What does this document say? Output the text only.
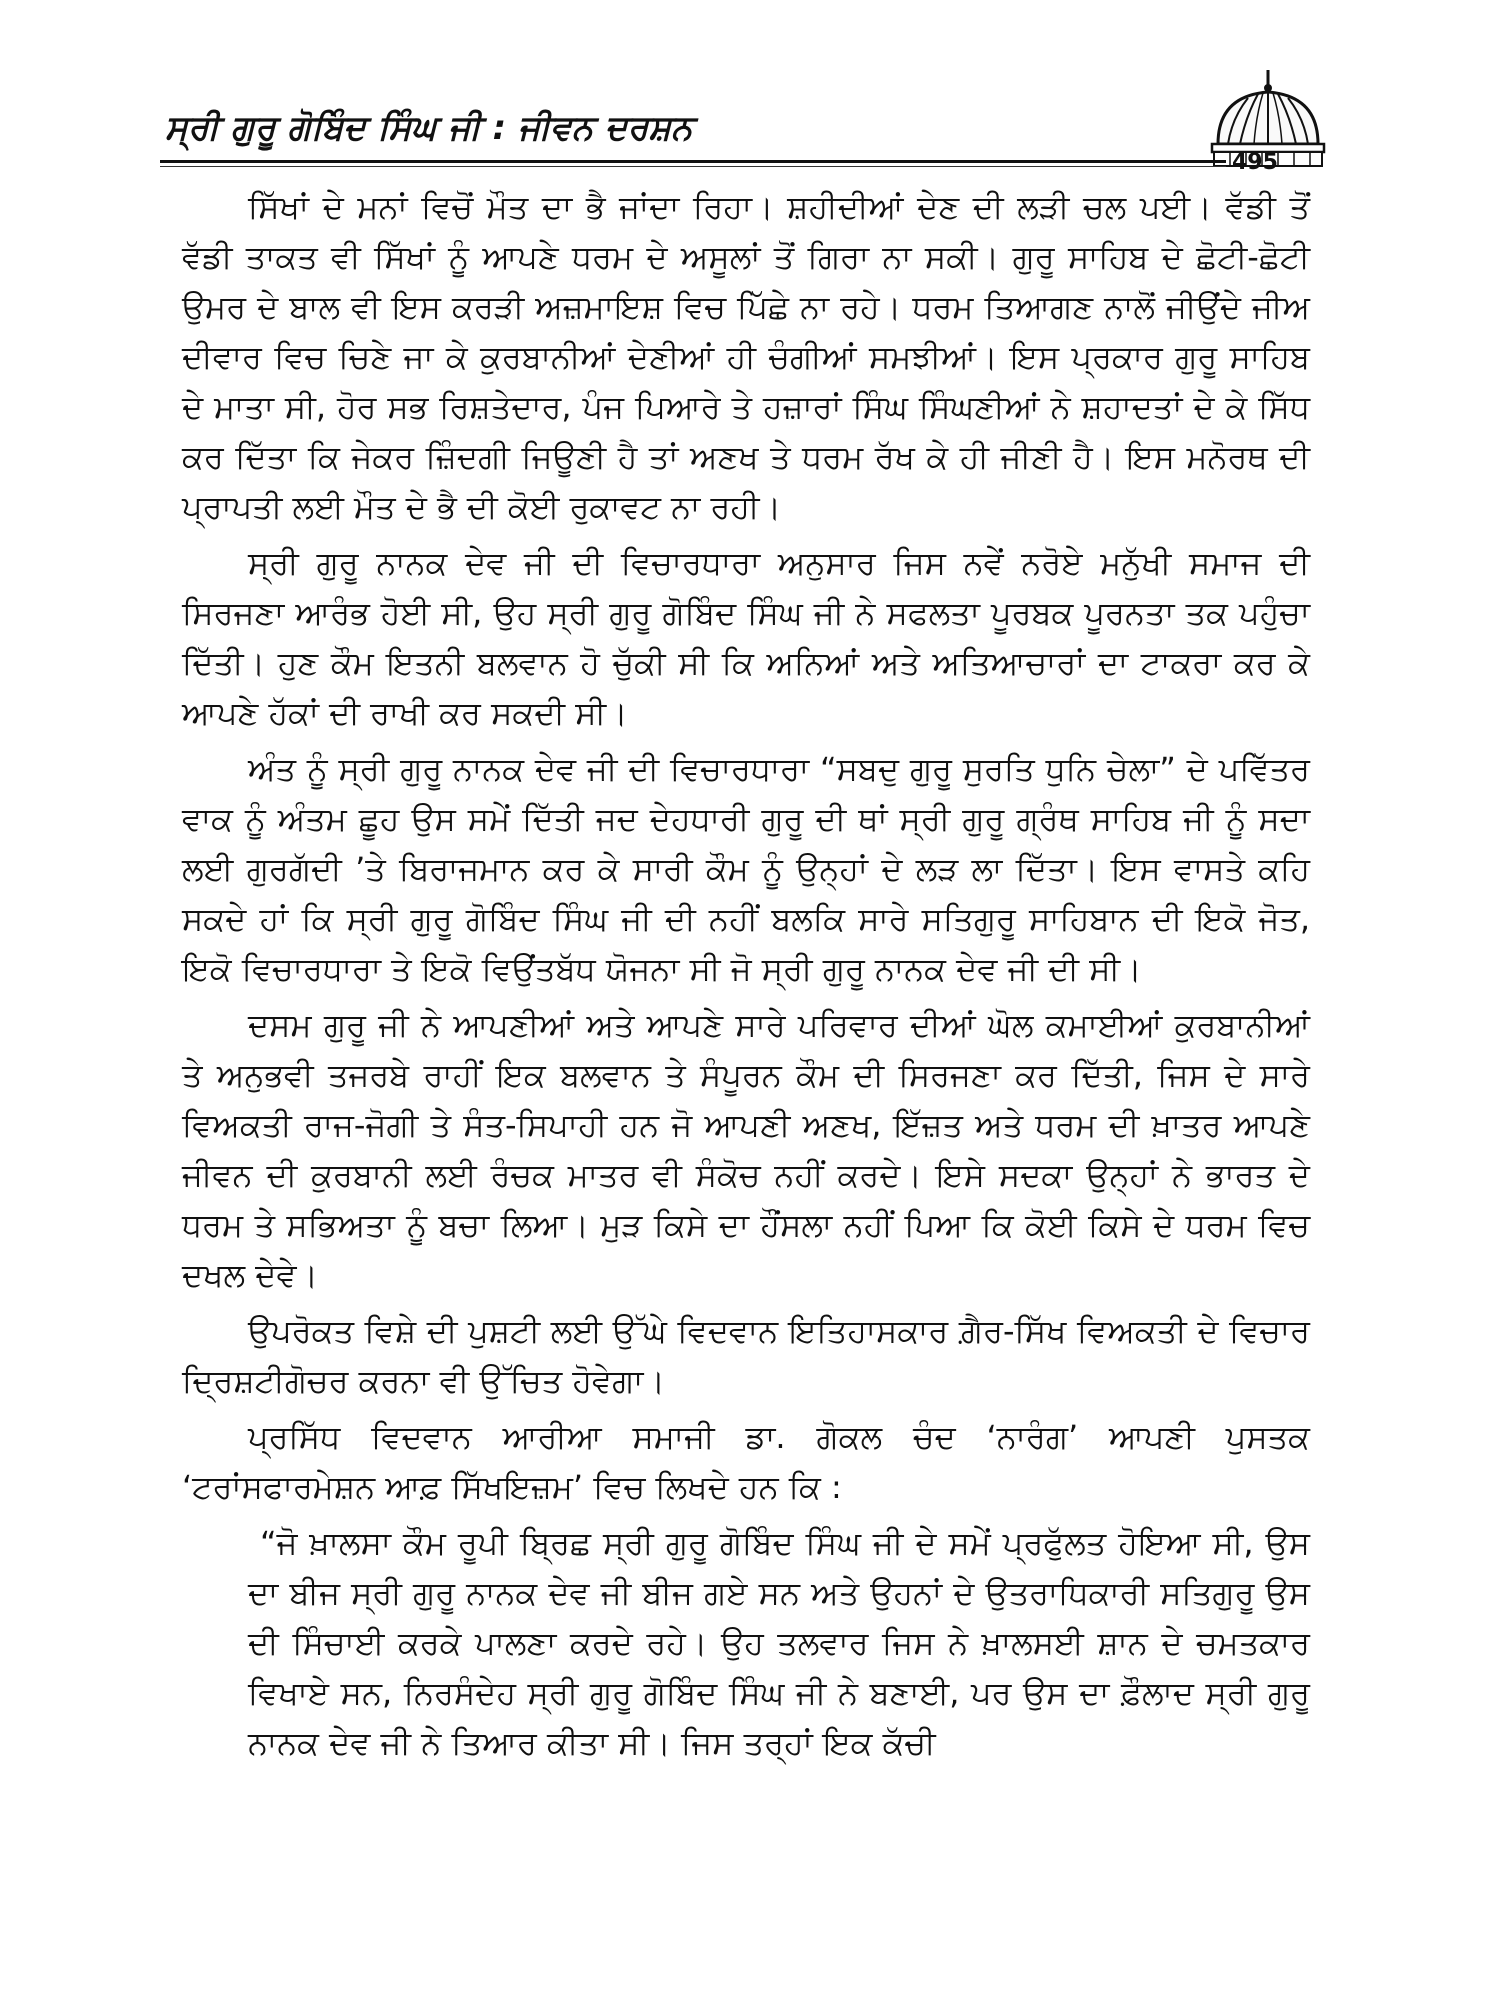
ਸ੍ਰੀ ਗੁਰੂ ਗੋਬਿੰਦ ਸਿੰਘ ਜੀ : ਜੀਵਨ ਦਰਸ਼ਨ
495

ਸਿੱਖਾਂ ਦੇ ਮਨਾਂ ਵਿਚੋਂ ਮੌਤ ਦਾ ਭੈ ਜਾਂਦਾ ਰਿਹਾ। ਸ਼ਹੀਦੀਆਂ ਦੇਣ ਦੀ ਲੜੀ ਚਲ ਪਈ। ਵੱਡੀ ਤੋਂ ਵੱਡੀ ਤਾਕਤ ਵੀ ਸਿੱਖਾਂ ਨੂੰ ਆਪਣੇ ਧਰਮ ਦੇ ਅਸੂਲਾਂ ਤੋਂ ਗਿਰਾ ਨਾ ਸਕੀ। ਗੁਰੂ ਸਾਹਿਬ ਦੇ ਛੋਟੀ-ਛੋਟੀ ਉਮਰ ਦੇ ਬਾਲ ਵੀ ਇਸ ਕਰੜੀ ਅਜ਼ਮਾਇਸ਼ ਵਿਚ ਪਿੱਛੇ ਨਾ ਰਹੇ। ਧਰਮ ਤਿਆਗਣ ਨਾਲੋਂ ਜੀਉਂਦੇ ਜੀਅ ਦੀਵਾਰ ਵਿਚ ਚਿਣੇ ਜਾ ਕੇ ਕੁਰਬਾਨੀਆਂ ਦੇਣੀਆਂ ਹੀ ਚੰਗੀਆਂ ਸਮਝੀਆਂ। ਇਸ ਪ੍ਰਕਾਰ ਗੁਰੂ ਸਾਹਿਬ ਦੇ ਮਾਤਾ ਸੀ, ਹੋਰ ਸਭ ਰਿਸ਼ਤੇਦਾਰ, ਪੰਜ ਪਿਆਰੇ ਤੇ ਹਜ਼ਾਰਾਂ ਸਿੰਘ ਸਿੰਘਣੀਆਂ ਨੇ ਸ਼ਹਾਦਤਾਂ ਦੇ ਕੇ ਸਿੱਧ ਕਰ ਦਿੱਤਾ ਕਿ ਜੇਕਰ ਜ਼ਿੰਦਗੀ ਜਿਊਣੀ ਹੈ ਤਾਂ ਅਣਖ ਤੇ ਧਰਮ ਰੱਖ ਕੇ ਹੀ ਜੀਣੀ ਹੈ। ਇਸ ਮਨੋਰਥ ਦੀ ਪ੍ਰਾਪਤੀ ਲਈ ਮੌਤ ਦੇ ਭੈ ਦੀ ਕੋਈ ਰੁਕਾਵਟ ਨਾ ਰਹੀ।

ਸ੍ਰੀ ਗੁਰੂ ਨਾਨਕ ਦੇਵ ਜੀ ਦੀ ਵਿਚਾਰਧਾਰਾ ਅਨੁਸਾਰ ਜਿਸ ਨਵੇਂ ਨਰੋਏ ਮਨੁੱਖੀ ਸਮਾਜ ਦੀ ਸਿਰਜਣਾ ਆਰੰਭ ਹੋਈ ਸੀ, ਉਹ ਸ੍ਰੀ ਗੁਰੂ ਗੋਬਿੰਦ ਸਿੰਘ ਜੀ ਨੇ ਸਫਲਤਾ ਪੂਰਬਕ ਪੂਰਨਤਾ ਤਕ ਪਹੁੰਚਾ ਦਿੱਤੀ। ਹੁਣ ਕੌਮ ਇਤਨੀ ਬਲਵਾਨ ਹੋ ਚੁੱਕੀ ਸੀ ਕਿ ਅਨਿਆਂ ਅਤੇ ਅਤਿਆਚਾਰਾਂ ਦਾ ਟਾਕਰਾ ਕਰ ਕੇ ਆਪਣੇ ਹੱਕਾਂ ਦੀ ਰਾਖੀ ਕਰ ਸਕਦੀ ਸੀ।

ਅੰਤ ਨੂੰ ਸ੍ਰੀ ਗੁਰੂ ਨਾਨਕ ਦੇਵ ਜੀ ਦੀ ਵਿਚਾਰਧਾਰਾ “ਸਬਦੁ ਗੁਰੂ ਸੁਰਤਿ ਧੁਨਿ ਚੇਲਾ” ਦੇ ਪਵਿੱਤਰ ਵਾਕ ਨੂੰ ਅੰਤਮ ਛੂਹ ਉਸ ਸਮੇਂ ਦਿੱਤੀ ਜਦ ਦੇਹਧਾਰੀ ਗੁਰੂ ਦੀ ਥਾਂ ਸ੍ਰੀ ਗੁਰੂ ਗ੍ਰੰਥ ਸਾਹਿਬ ਜੀ ਨੂੰ ਸਦਾ ਲਈ ਗੁਰਗੱਦੀ ’ਤੇ ਬਿਰਾਜਮਾਨ ਕਰ ਕੇ ਸਾਰੀ ਕੌਮ ਨੂੰ ਉਨ੍ਹਾਂ ਦੇ ਲੜ ਲਾ ਦਿੱਤਾ। ਇਸ ਵਾਸਤੇ ਕਹਿ ਸਕਦੇ ਹਾਂ ਕਿ ਸ੍ਰੀ ਗੁਰੂ ਗੋਬਿੰਦ ਸਿੰਘ ਜੀ ਦੀ ਨਹੀਂ ਬਲਕਿ ਸਾਰੇ ਸਤਿਗੁਰੂ ਸਾਹਿਬਾਨ ਦੀ ਇਕੋ ਜੋਤ, ਇਕੋ ਵਿਚਾਰਧਾਰਾ ਤੇ ਇਕੋ ਵਿਉਂਤਬੱਧ ਯੋਜਨਾ ਸੀ ਜੋ ਸ੍ਰੀ ਗੁਰੂ ਨਾਨਕ ਦੇਵ ਜੀ ਦੀ ਸੀ।

ਦਸਮ ਗੁਰੂ ਜੀ ਨੇ ਆਪਣੀਆਂ ਅਤੇ ਆਪਣੇ ਸਾਰੇ ਪਰਿਵਾਰ ਦੀਆਂ ਘੋਲ ਕਮਾਈਆਂ ਕੁਰਬਾਨੀਆਂ ਤੇ ਅਨੁਭਵੀ ਤਜਰਬੇ ਰਾਹੀਂ ਇਕ ਬਲਵਾਨ ਤੇ ਸੰਪੂਰਨ ਕੌਮ ਦੀ ਸਿਰਜਣਾ ਕਰ ਦਿੱਤੀ, ਜਿਸ ਦੇ ਸਾਰੇ ਵਿਅਕਤੀ ਰਾਜ-ਜੋਗੀ ਤੇ ਸੰਤ-ਸਿਪਾਹੀ ਹਨ ਜੋ ਆਪਣੀ ਅਣਖ, ਇੱਜ਼ਤ ਅਤੇ ਧਰਮ ਦੀ ਖ਼ਾਤਰ ਆਪਣੇ ਜੀਵਨ ਦੀ ਕੁਰਬਾਨੀ ਲਈ ਰੰਚਕ ਮਾਤਰ ਵੀ ਸੰਕੋਚ ਨਹੀਂ ਕਰਦੇ। ਇਸੇ ਸਦਕਾ ਉਨ੍ਹਾਂ ਨੇ ਭਾਰਤ ਦੇ ਧਰਮ ਤੇ ਸਭਿਅਤਾ ਨੂੰ ਬਚਾ ਲਿਆ। ਮੁੜ ਕਿਸੇ ਦਾ ਹੌਂਸਲਾ ਨਹੀਂ ਪਿਆ ਕਿ ਕੋਈ ਕਿਸੇ ਦੇ ਧਰਮ ਵਿਚ ਦਖਲ ਦੇਵੇ।

ਉਪਰੋਕਤ ਵਿਸ਼ੇ ਦੀ ਪੁਸ਼ਟੀ ਲਈ ਉੱਘੇ ਵਿਦਵਾਨ ਇਤਿਹਾਸਕਾਰ ਗ਼ੈਰ-ਸਿੱਖ ਵਿਅਕਤੀ ਦੇ ਵਿਚਾਰ ਦ੍ਰਿਸ਼ਟੀਗੋਚਰ ਕਰਨਾ ਵੀ ਉੱਚਿਤ ਹੋਵੇਗਾ।

ਪ੍ਰਸਿੱਧ ਵਿਦਵਾਨ ਆਰੀਆ ਸਮਾਜੀ ਡਾ. ਗੋਕਲ ਚੰਦ ‘ਨਾਰੰਗ’ ਆਪਣੀ ਪੁਸਤਕ ‘ਟਰਾਂਸਫਾਰਮੇਸ਼ਨ ਆਫ਼ ਸਿੱਖਇਜ਼ਮ’ ਵਿਚ ਲਿਖਦੇ ਹਨ ਕਿ :

“ਜੋ ਖ਼ਾਲਸਾ ਕੌਮ ਰੂਪੀ ਬ੍ਰਿਛ ਸ੍ਰੀ ਗੁਰੂ ਗੋਬਿੰਦ ਸਿੰਘ ਜੀ ਦੇ ਸਮੇਂ ਪ੍ਰਫੁੱਲਤ ਹੋਇਆ ਸੀ, ਉਸ ਦਾ ਬੀਜ ਸ੍ਰੀ ਗੁਰੂ ਨਾਨਕ ਦੇਵ ਜੀ ਬੀਜ ਗਏ ਸਨ ਅਤੇ ਉਹਨਾਂ ਦੇ ਉਤਰਾਧਿਕਾਰੀ ਸਤਿਗੁਰੂ ਉਸ ਦੀ ਸਿੰਚਾਈ ਕਰਕੇ ਪਾਲਣਾ ਕਰਦੇ ਰਹੇ। ਉਹ ਤਲਵਾਰ ਜਿਸ ਨੇ ਖ਼ਾਲਸਈ ਸ਼ਾਨ ਦੇ ਚਮਤਕਾਰ ਵਿਖਾਏ ਸਨ, ਨਿਰਸੰਦੇਹ ਸ੍ਰੀ ਗੁਰੂ ਗੋਬਿੰਦ ਸਿੰਘ ਜੀ ਨੇ ਬਣਾਈ, ਪਰ ਉਸ ਦਾ ਫ਼ੌਲਾਦ ਸ੍ਰੀ ਗੁਰੂ ਨਾਨਕ ਦੇਵ ਜੀ ਨੇ ਤਿਆਰ ਕੀਤਾ ਸੀ। ਜਿਸ ਤਰ੍ਹਾਂ ਇਕ ਕੱਚੀ
